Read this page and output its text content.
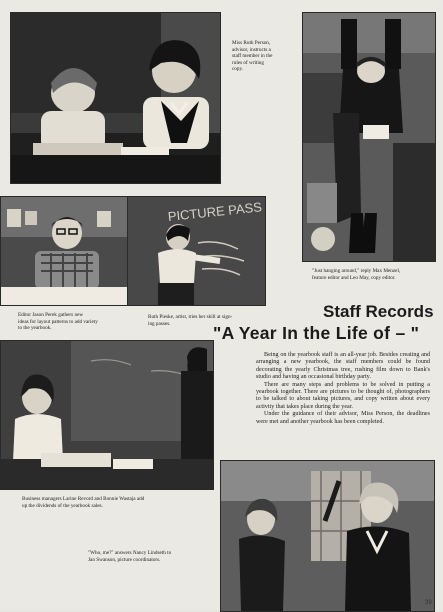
Miss Ruth Person,
advisor, instructs a
staff member in the
rules of writing
copy.
"Just hanging around," reply Max Menzel,
feature editor and Leo May, copy editor.
PICTURE PASS
Editor Jason Perek gathers new
ideas for layout patterns to add variety
to the yearbook.
Ruth Pieske, artist, tries her skill at sign-
ing passes.
Staff Records
"A Year In the Life of – "
Business managers Larine Revord and Bonnie Wastaja add
up the dividends of the yearbook sales.

Being on the yearbook staff is an all-year job. Besides creating and arranging a new yearbook, the staff members could be found decorating the yearly Christmas tree, rushing film down to Bank's studio and having an occasional birthday party.

There are many steps and problems to be solved in putting a yearbook together. There are pictures to be thought of, photographers to be talked to about taking pictures, and copy written about every activity that takes place during the year.

Under the guidance of their advisor, Miss Person, the deadlines were met and another yearbook has been completed.

"Who, me?" answers Nancy Lindseth to
Jan Swanson, picture coordinators.
39
